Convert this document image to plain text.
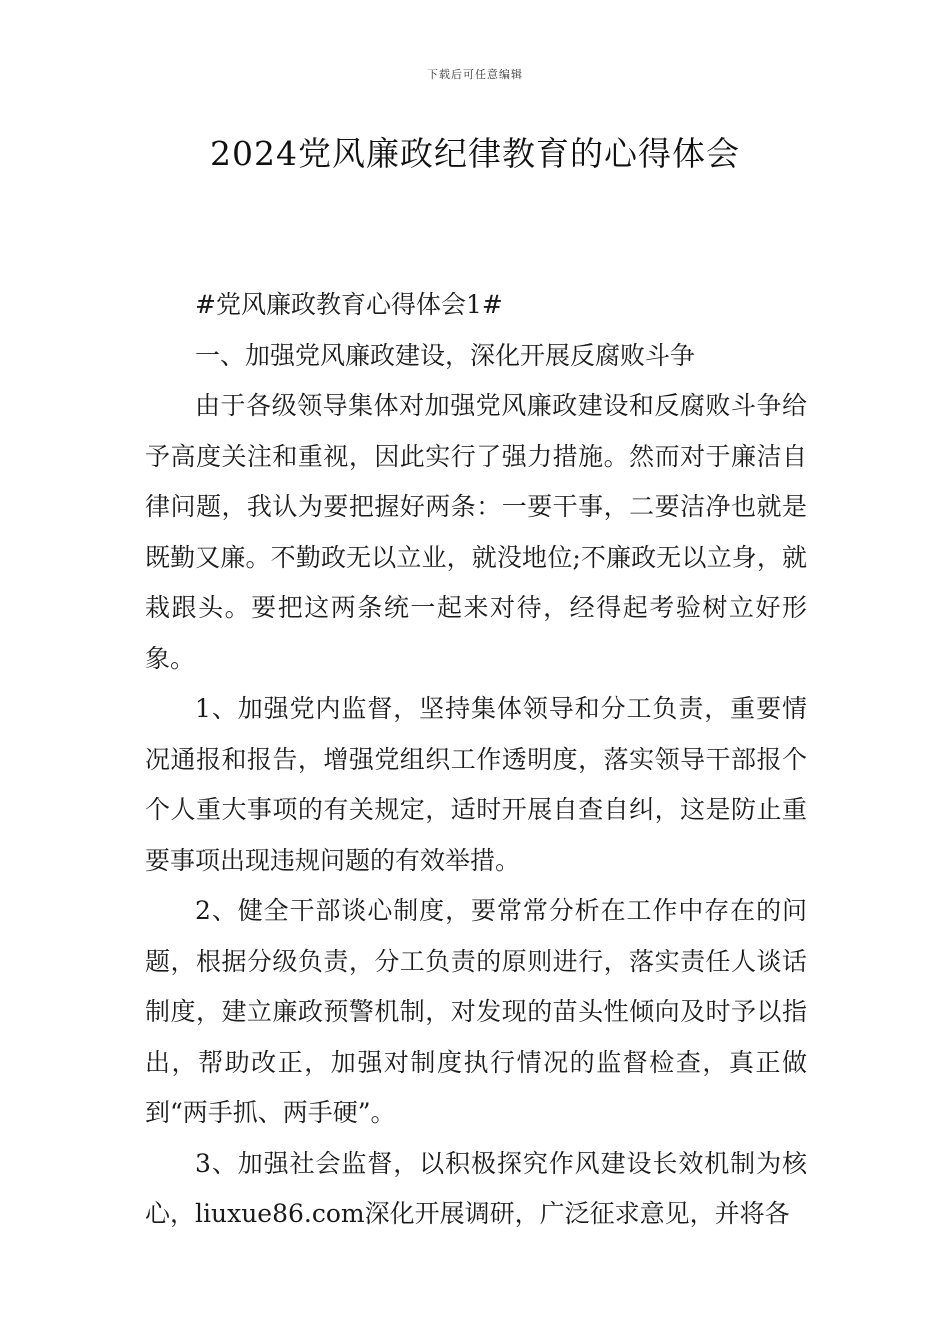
下载后可任意编辑
2024党风廉政纪律教育的心得体会

#党风廉政教育心得体会1#

一、加强党风廉政建设，深化开展反腐败斗争

由于各级领导集体对加强党风廉政建设和反腐败斗争给予高度关注和重视，因此实行了强力措施。然而对于廉洁自律问题，我认为要把握好两条：一要干事，二要洁净也就是既勤又廉。不勤政无以立业，就没地位;不廉政无以立身，就栽跟头。要把这两条统一起来对待，经得起考验树立好形象。

1、加强党内监督，坚持集体领导和分工负责，重要情况通报和报告，增强党组织工作透明度，落实领导干部报个个人重大事项的有关规定，适时开展自查自纠，这是防止重要事项出现违规问题的有效举措。

2、健全干部谈心制度，要常常分析在工作中存在的问题，根据分级负责，分工负责的原则进行，落实责任人谈话制度，建立廉政预警机制，对发现的苗头性倾向及时予以指出，帮助改正，加强对制度执行情况的监督检查，真正做到“两手抓、两手硬”。

3、加强社会监督，以积极探究作风建设长效机制为核心，liuxue86.com深化开展调研，广泛征求意见，并将各
